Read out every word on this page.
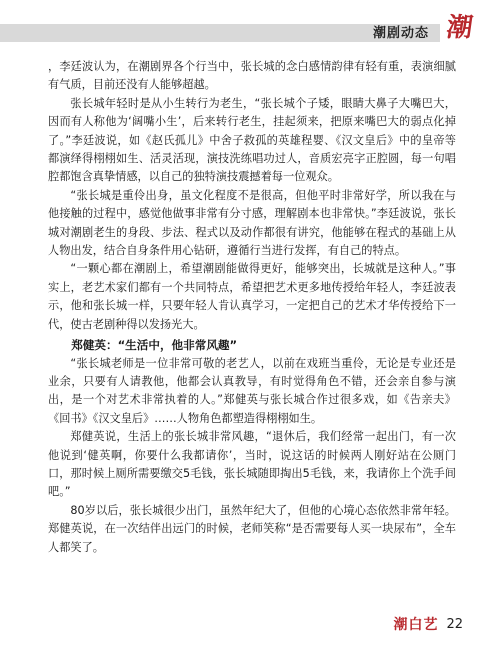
潮剧动态 潮

，李廷波认为，在潮剧界各个行当中，张长城的念白感情韵律有轻有重，表演细腻有气质，目前还没有人能够超越。

张长城年轻时是从小生转行为老生，“张长城个子矮，眼睛大鼻子大嘴巴大，因而有人称他为‘阔嘴小生’，后来转行老生，挂起须来，把原来嘴巴大的弱点化掉了。”李廷波说，如《赵氏孤儿》中舍子救孤的英雄程婴、《汉文皇后》中的皇帝等都演绎得栩栩如生、活灵活现，演技洗练唱功过人，音质宏亮字正腔圆，每一句唱腔都饱含真挚情感，以自己的独特演技震撼着每一位观众。

“张长城是重伶出身，虽文化程度不是很高，但他平时非常好学，所以我在与他接触的过程中，感觉他做事非常有分寸感，理解剧本也非常快。”李廷波说，张长城对潮剧老生的身段、步法、程式以及动作都很有讲究，他能够在程式的基础上从人物出发，结合自身条件用心钻研，遵循行当进行发挥，有自己的特点。

“一颗心都在潮剧上，希望潮剧能做得更好，能够突出，长城就是这种人。”事实上，老艺术家们都有一个共同特点，希望把艺术更多地传授给年轻人，李廷波表示，他和张长城一样，只要年轻人肯认真学习，一定把自己的艺术才华传授给下一代，使古老剧种得以发扬光大。

郑健英：“生活中，他非常风趣”

“张长城老师是一位非常可敬的老艺人，以前在戏班当重伶，无论是专业还是业余，只要有人请教他，他都会认真教导，有时觉得角色不错，还会亲自参与演出，是一个对艺术非常执着的人。”郑健英与张长城合作过很多戏，如《告亲夫》《回书》《汉文皇后》……人物角色都塑造得栩栩如生。

郑健英说，生活上的张长城非常风趣，“退休后，我们经常一起出门，有一次他说到‘健英啊，你要什么我都请你’，当时，说这话的时候两人刚好站在公厕门口，那时候上厕所需要缴交5毛钱，张长城随即掏出5毛钱，来，我请你上个洗手间吧。”

80岁以后，张长城很少出门，虽然年纪大了，但他的心境心态依然非常年轻。郑健英说，在一次结伴出远门的时候，老师笑称“是否需要每人买一块尿布”，全车人都笑了。

潮白艺 22
